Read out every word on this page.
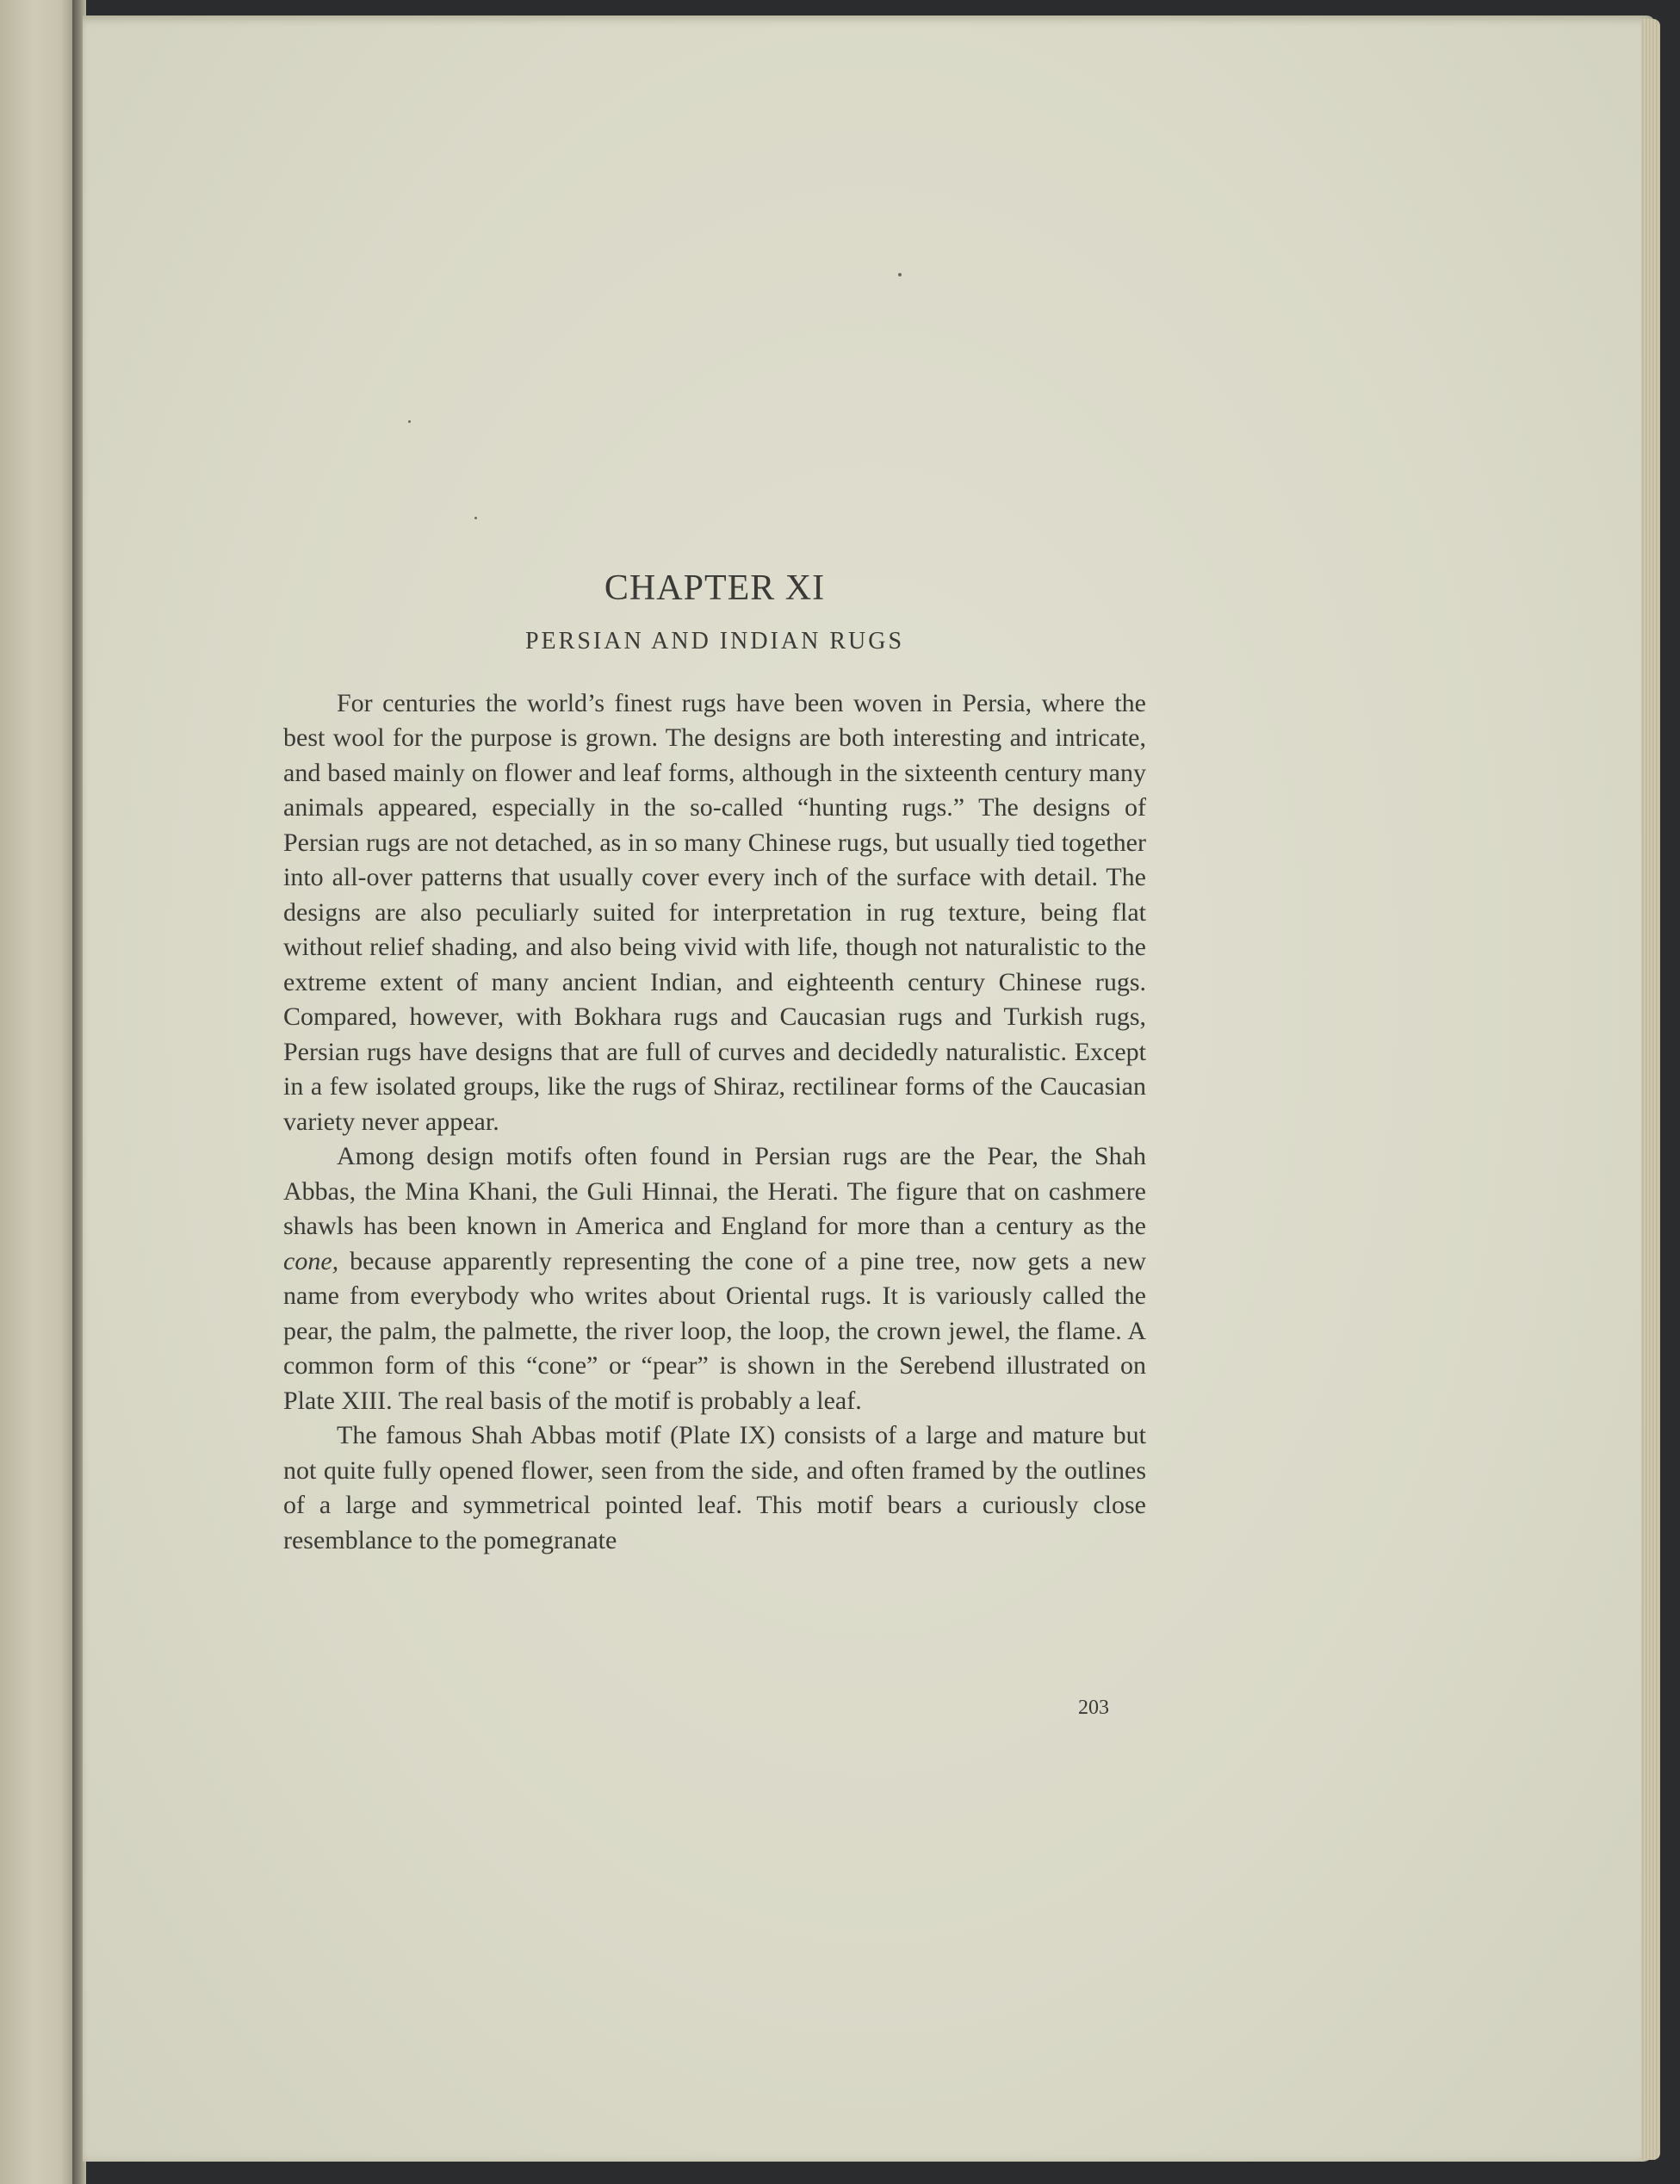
CHAPTER XI
PERSIAN AND INDIAN RUGS

For centuries the world’s finest rugs have been woven in Persia, where the best wool for the purpose is grown. The designs are both interesting and intricate, and based mainly on flower and leaf forms, although in the sixteenth century many animals appeared, especially in the so-called “hunting rugs.” The designs of Persian rugs are not detached, as in so many Chinese rugs, but usually tied together into all-over patterns that usually cover every inch of the surface with detail. The designs are also peculiarly suited for interpretation in rug texture, being flat without relief shading, and also being vivid with life, though not naturalistic to the extreme extent of many ancient Indian, and eighteenth century Chinese rugs. Compared, however, with Bokhara rugs and Caucasian rugs and Turkish rugs, Persian rugs have designs that are full of curves and decidedly naturalistic. Except in a few isolated groups, like the rugs of Shiraz, rectilinear forms of the Caucasian variety never appear.

Among design motifs often found in Persian rugs are the Pear, the Shah Abbas, the Mina Khani, the Guli Hinnai, the Herati. The figure that on cashmere shawls has been known in America and England for more than a century as the cone, because apparently representing the cone of a pine tree, now gets a new name from everybody who writes about Oriental rugs. It is variously called the pear, the palm, the palmette, the river loop, the loop, the crown jewel, the flame. A common form of this “cone” or “pear” is shown in the Serebend illustrated on Plate XIII. The real basis of the motif is probably a leaf.

The famous Shah Abbas motif (Plate IX) consists of a large and mature but not quite fully opened flower, seen from the side, and often framed by the outlines of a large and symmetrical pointed leaf. This motif bears a curiously close resemblance to the pomegranate

203
